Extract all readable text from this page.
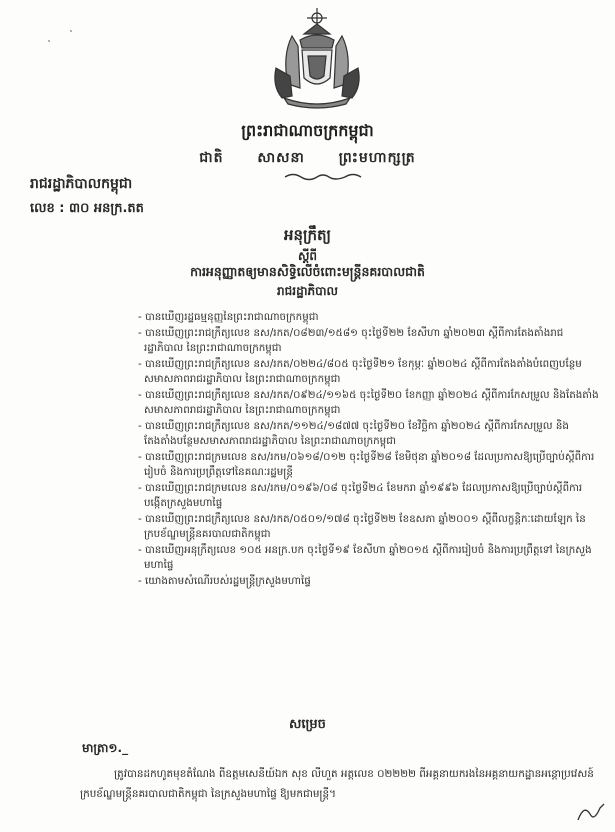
ព្រះរាជាណាចក្រកម្ពុជា
ជាតិ សាសនា ព្រះមហាក្សត្រ
រាជរដ្ឋាភិបាលកម្ពុជា
លេខ : ៣០ អនក្រ.តត
អនុក្រឹត្យ
ស្តីពី
ការអនុញ្ញាតឲ្យមានសិទ្ធិលើចំពោះមន្ត្រីនគរបាលជាតិ
រាជរដ្ឋាភិបាល
- បានឃើញរដ្ឋធម្មនុញ្ញនៃព្រះរាជាណាចក្រកម្ពុជា
- បានឃើញព្រះរាជក្រឹត្យលេខ នស/រកត/០៨២៣/១៥៨១ ចុះថ្ងៃទី២២ ខែសីហា ឆ្នាំ២០២៣ ស្តីពីការតែងតាំងរាជរដ្ឋាភិបាល នៃព្រះរាជាណាចក្រកម្ពុជា
- បានឃើញព្រះរាជក្រឹត្យលេខ នស/រកត/០២២៤/៨០៥ ចុះថ្ងៃទី២១ ខែកុម្ភៈ ឆ្នាំ២០២៤ ស្តីពីការតែងតាំងបំពេញបន្ថែមសមាសភាពរាជរដ្ឋាភិបាល នៃព្រះរាជាណាចក្រកម្ពុជា
- បានឃើញព្រះរាជក្រឹត្យលេខ នស/រកត/០៩២៤/១១៦៥ ចុះថ្ងៃទី២០ ខែកញ្ញា ឆ្នាំ២០២៤ ស្តីពីការកែសម្រួល និងតែងតាំងសមាសភាពរាជរដ្ឋាភិបាល នៃព្រះរាជាណាចក្រកម្ពុជា
- បានឃើញព្រះរាជក្រឹត្យលេខ នស/រកត/១១២៤/១៨៧៧ ចុះថ្ងៃទី២០ ខែវិច្ឆិកា ឆ្នាំ២០២៤ ស្តីពីការកែសម្រួល និងតែងតាំងបន្ថែមសមាសភាពរាជរដ្ឋាភិបាល នៃព្រះរាជាណាចក្រកម្ពុជា
- បានឃើញព្រះរាជក្រមលេខ នស/រកម/០៦១៨/០១២ ចុះថ្ងៃទី២៨ ខែមិថុនា ឆ្នាំ២០១៨ ដែលប្រកាសឱ្យប្រើច្បាប់ស្តីពីការរៀបចំ និងការប្រព្រឹត្តទៅនៃគណៈរដ្ឋមន្ត្រី
- បានឃើញព្រះរាជក្រមលេខ នស/រកម/០១៩៦/០៨ ចុះថ្ងៃទី២៤ ខែមករា ឆ្នាំ១៩៩៦ ដែលប្រកាសឱ្យប្រើច្បាប់ស្តីពីការបង្កើតក្រសួងមហាផ្ទៃ
- បានឃើញព្រះរាជក្រឹត្យលេខ នស/រកត/០៥០១/១៧៨ ចុះថ្ងៃទី២២ ខែឧសភា ឆ្នាំ២០០១ ស្តីពីលក្ខន្តិកៈដោយឡែក នៃក្របខ័ណ្ឌមន្ត្រីនគរបាលជាតិកម្ពុជា
- បានឃើញអនុក្រឹត្យលេខ ១០៥ អនក្រ.បក ចុះថ្ងៃទី១៩ ខែសីហា ឆ្នាំ២០១៥ ស្តីពីការរៀបចំ និងការប្រព្រឹត្តទៅ នៃក្រសួងមហាផ្ទៃ
- យោងតាមសំណើរបស់រដ្ឋមន្ត្រីក្រសួងមហាផ្ទៃ
សម្រេច
មាត្រា១._
ត្រូវបានដកហូតមុខតំណែង ពីឧត្តមសេនីយ៍ឯក សុខ លីហួត អត្តលេខ ០២២២២ ពីអគ្គនាយករងនៃអគ្គនាយកដ្ឋានអន្តោប្រវេសន៍ ក្របខ័ណ្ឌមន្ត្រីនគរបាលជាតិកម្ពុជា នៃក្រសួងមហាផ្ទៃ ឱ្យមកជាមន្ត្រី។
